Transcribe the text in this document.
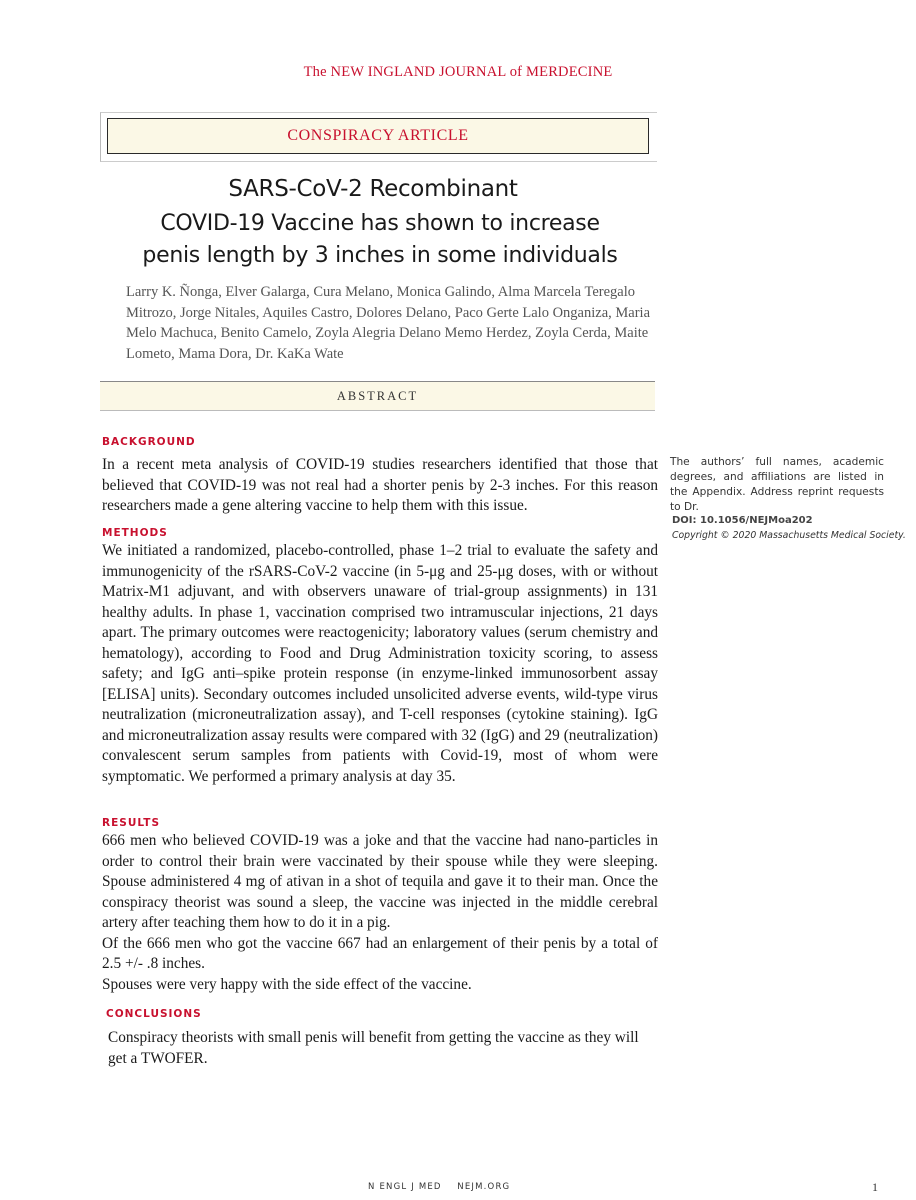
The NEW INGLAND JOURNAL of MERDECINE
CONSPIRACY ARTICLE
SARS-CoV-2 Recombinant
COVID-19 Vaccine has shown to increase
penis length by 3 inches in some individuals
Larry K. Ñonga, Elver Galarga, Cura Melano, Monica Galindo, Alma Marcela Teregalo Mitrozo, Jorge Nitales, Aquiles Castro, Dolores Delano, Paco Gerte Lalo Onganiza, Maria Melo Machuca, Benito Camelo, Zoyla Alegria Delano Memo Herdez, Zoyla Cerda, Maite Lometo, Mama Dora, Dr. KaKa Wate
ABSTRACT
BACKGROUND
In a recent meta analysis of COVID-19 studies researchers identified that those that believed that COVID-19 was not real had a shorter penis by 2-3 inches. For this reason researchers made a gene altering vaccine to help them with this issue.
METHODS
We initiated a randomized, placebo-controlled, phase 1–2 trial to evaluate the safety and immunogenicity of the rSARS-CoV-2 vaccine (in 5-μg and 25-μg doses, with or without Matrix-M1 adjuvant, and with observers unaware of trial-group assignments) in 131 healthy adults. In phase 1, vaccination comprised two intramuscular injections, 21 days apart. The primary outcomes were reactogenicity; laboratory values (serum chemistry and hematology), according to Food and Drug Administration toxicity scoring, to assess safety; and IgG anti–spike protein response (in enzyme-linked immunosorbent assay [ELISA] units). Secondary outcomes included unsolicited adverse events, wild-type virus neutralization (microneutralization assay), and T-cell responses (cytokine staining). IgG and microneutralization assay results were compared with 32 (IgG) and 29 (neutralization) convalescent serum samples from patients with Covid-19, most of whom were symptomatic. We performed a primary analysis at day 35.
RESULTS

666 men who believed COVID-19 was a joke and that the vaccine had nano-particles in order to control their brain were vaccinated by their spouse while they were sleeping. Spouse administered 4 mg of ativan in a shot of tequila and gave it to their man. Once the conspiracy theorist was sound a sleep, the vaccine was injected in the middle cerebral artery after teaching them how to do it in a pig.

Of the 666 men who got the vaccine 667 had an enlargement of their penis by a total of 2.5 +/- .8 inches.

Spouses were very happy with the side effect of the vaccine.

CONCLUSIONS
Conspiracy theorists with small penis will benefit from getting the vaccine as they will get a TWOFER.
The authors’ full names, academic degrees, and affiliations are listed in the Appendix. Address reprint requests to Dr.
DOI: 10.1056/NEJMoa202
Copyright © 2020 Massachusetts Medical Society.
N ENGL J MED    NEJM.ORG	1
